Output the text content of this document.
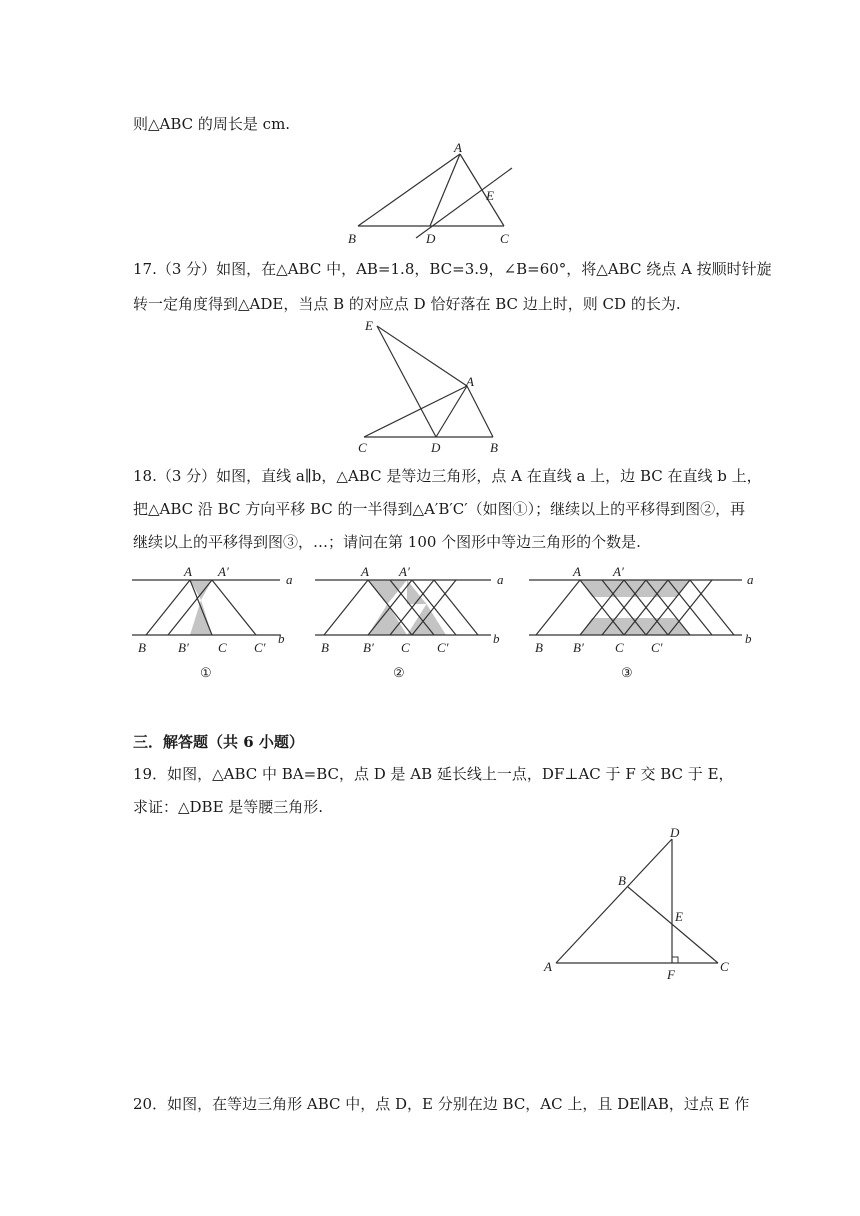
则△ABC 的周长是 cm.
A
B	D	C
E
17.（3 分）如图，在△ABC 中，AB=1.8，BC=3.9，∠B=60°，将△ABC 绕点 A 按顺时针旋
转一定角度得到△ADE，当点 B 的对应点 D 恰好落在 BC 边上时，则 CD 的长为.
E
A
C	D	B
18.（3 分）如图，直线 a∥b，△ABC 是等边三角形，点 A 在直线 a 上，边 BC 在直线 b 上，
把△ABC 沿 BC 方向平移 BC 的一半得到△A′B′C′（如图①）；继续以上的平移得到图②，再
继续以上的平移得到图③，…；请问在第 100 个图形中等边三角形的个数是.
A A′
a
B B′ C C′
b
①
A A′
a
B	B′ C C′
b
②
A A′
a
B B′ C C′
b
③
三．解答题（共 6 小题）
19．如图，△ABC 中 BA=BC，点 D 是 AB 延长线上一点，DF⊥AC 于 F 交 BC 于 E，
求证：△DBE 是等腰三角形.
D
B
E
A
F
C
20．如图，在等边三角形 ABC 中，点 D，E 分别在边 BC，AC 上，且 DE∥AB，过点 E 作
